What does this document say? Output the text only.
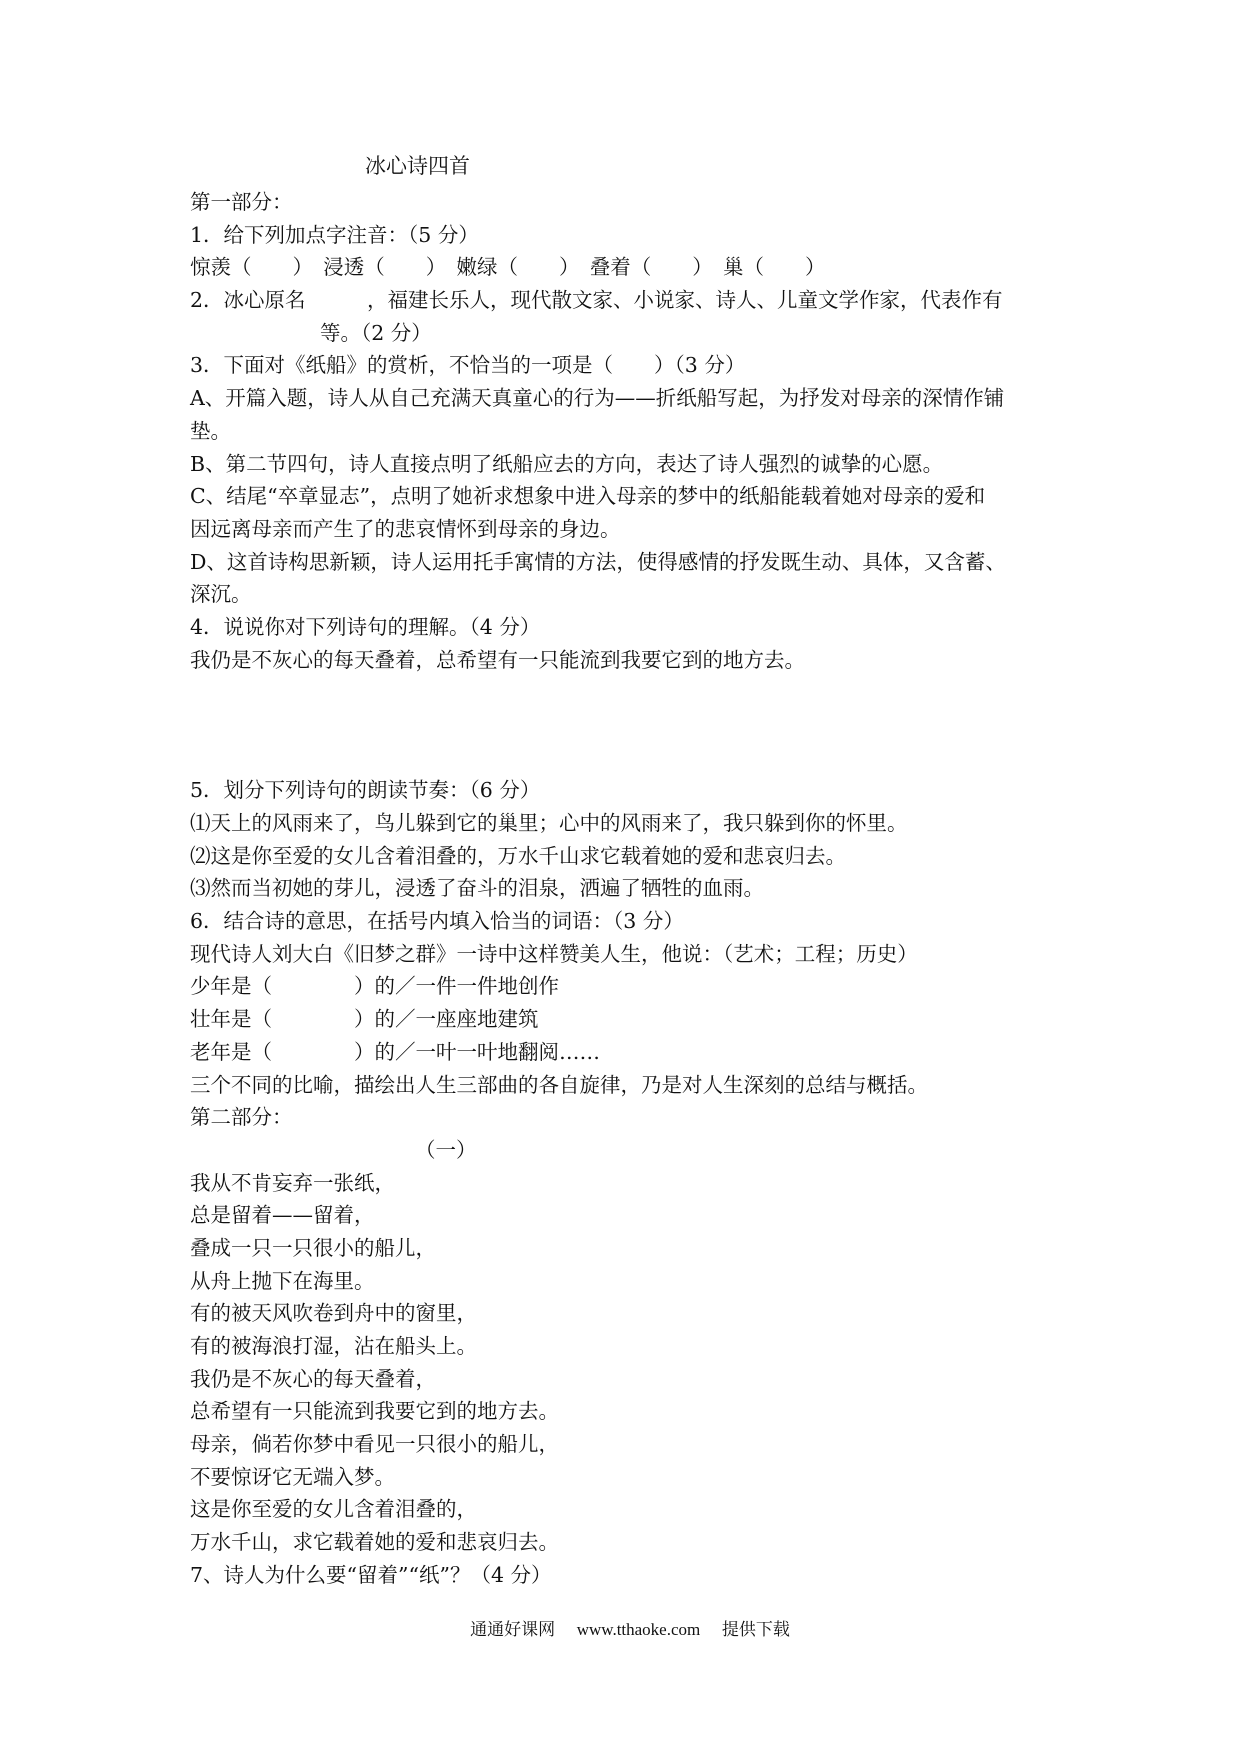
冰心诗四首
第一部分：
1．给下列加点字注音：（5 分）
惊羡（　　）　浸透（　　）　嫩绿（　　）　叠着（　　）　巢（　　）
2．冰心原名　　　，福建长乐人，现代散文家、小说家、诗人、儿童文学作家，代表作有
等。（2 分）
3．下面对《纸船》的赏析，不恰当的一项是（　　）（3 分）
A、开篇入题，诗人从自己充满天真童心的行为——折纸船写起，为抒发对母亲的深情作铺
垫。
B、第二节四句，诗人直接点明了纸船应去的方向，表达了诗人强烈的诚挚的心愿。
C、结尾“卒章显志”，点明了她祈求想象中进入母亲的梦中的纸船能载着她对母亲的爱和
因远离母亲而产生了的悲哀情怀到母亲的身边。
D、这首诗构思新颖，诗人运用托手寓情的方法，使得感情的抒发既生动、具体，又含蓄、
深沉。
4．说说你对下列诗句的理解。（4 分）
我仍是不灰心的每天叠着，总希望有一只能流到我要它到的地方去。
5．划分下列诗句的朗读节奏：（6 分）
⑴天上的风雨来了，鸟儿躲到它的巢里；心中的风雨来了，我只躲到你的怀里。
⑵这是你至爱的女儿含着泪叠的，万水千山求它载着她的爱和悲哀归去。
⑶然而当初她的芽儿，浸透了奋斗的泪泉，洒遍了牺牲的血雨。
6．结合诗的意思，在括号内填入恰当的词语：（3 分）
现代诗人刘大白《旧梦之群》一诗中这样赞美人生，他说：（艺术；工程；历史）
少年是（　　　　）的／一件一件地创作
壮年是（　　　　）的／一座座地建筑
老年是（　　　　）的／一叶一叶地翻阅……
三个不同的比喻，描绘出人生三部曲的各自旋律，乃是对人生深刻的总结与概括。
第二部分：
（一）
我从不肯妄弃一张纸，
总是留着——留着，
叠成一只一只很小的船儿，
从舟上抛下在海里。
有的被天风吹卷到舟中的窗里，
有的被海浪打湿，沾在船头上。
我仍是不灰心的每天叠着，
总希望有一只能流到我要它到的地方去。
母亲，倘若你梦中看见一只很小的船儿，
不要惊讶它无端入梦。
这是你至爱的女儿含着泪叠的，
万水千山，求它载着她的爱和悲哀归去。
7、诗人为什么要“留着”“纸”？（4 分）
通通好课网 www.tthaoke.com 提供下载
